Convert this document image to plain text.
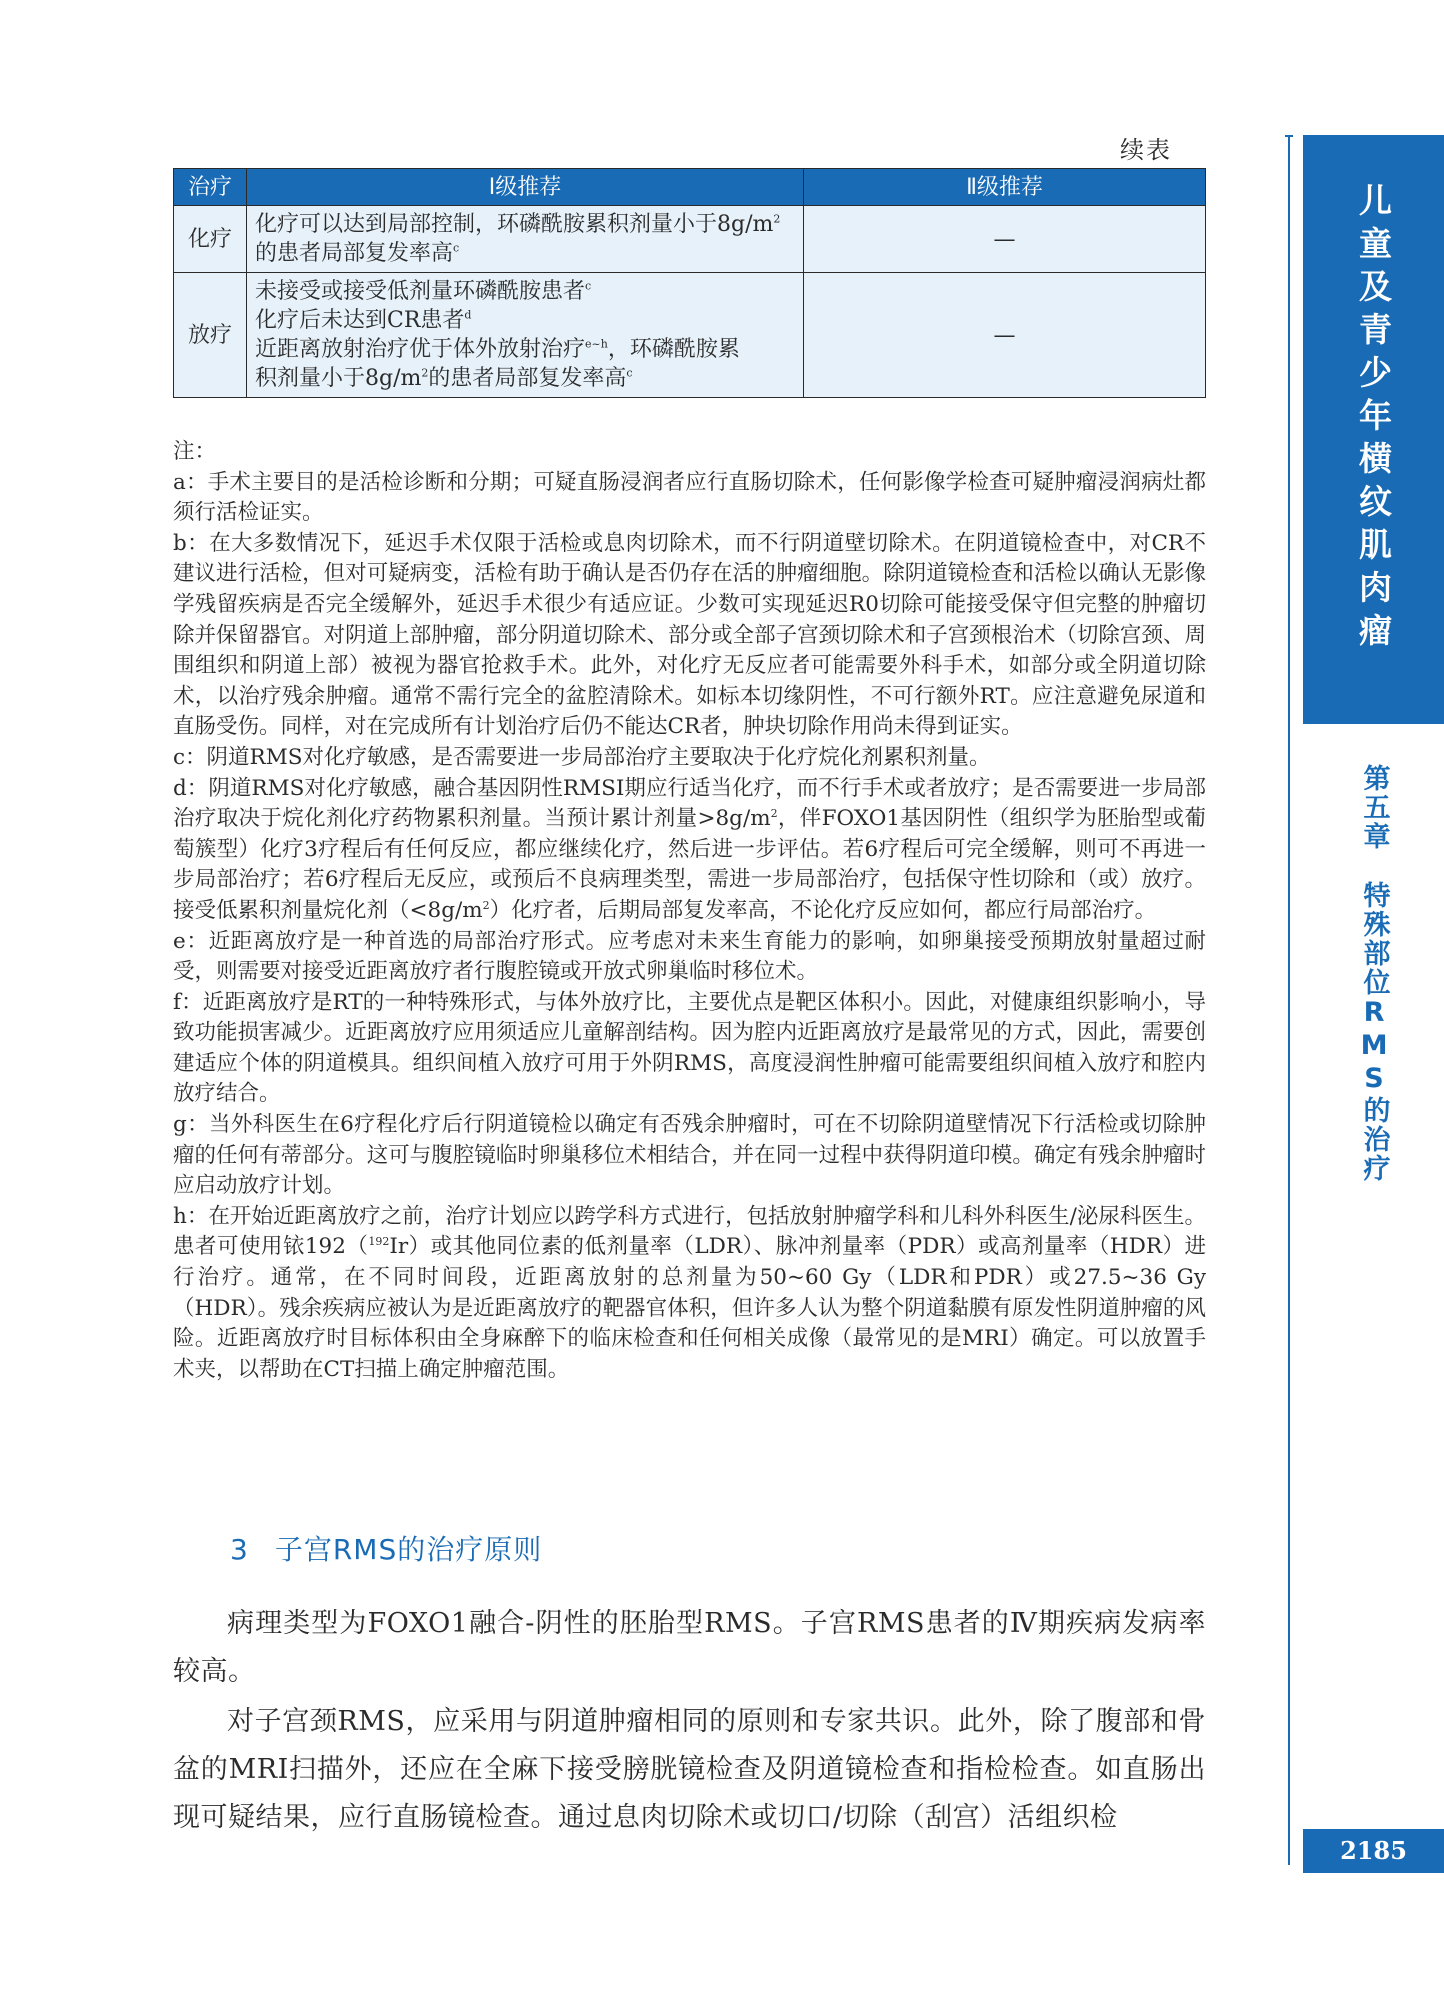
续表
治疗	Ⅰ级推荐	Ⅱ级推荐
化疗	化疗可以达到局部控制，环磷酰胺累积剂量小于$8g/m^2$
的患者局部复发率高$^c$	—
放疗	未接受或接受低剂量环磷酰胺患者$^c$
化疗后未达到CR患者$^d$
近距离放射治疗优于体外放射治疗$^{e\sim h}$，环磷酰胺累
积剂量小于$8g/m^2$的患者局部复发率高$^c$	—

注：

a：手术主要目的是活检诊断和分期；可疑直肠浸润者应行直肠切除术，任何影像学检查可疑肿瘤浸润病灶都须行活检证实。

b：在大多数情况下，延迟手术仅限于活检或息肉切除术，而不行阴道壁切除术。在阴道镜检查中，对CR不建议进行活检，但对可疑病变，活检有助于确认是否仍存在活的肿瘤细胞。除阴道镜检查和活检以确认无影像学残留疾病是否完全缓解外，延迟手术很少有适应证。少数可实现延迟R0切除可能接受保守但完整的肿瘤切除并保留器官。对阴道上部肿瘤，部分阴道切除术、部分或全部子宫颈切除术和子宫颈根治术（切除宫颈、周围组织和阴道上部）被视为器官抢救手术。此外，对化疗无反应者可能需要外科手术，如部分或全阴道切除术，以治疗残余肿瘤。通常不需行完全的盆腔清除术。如标本切缘阴性，不可行额外RT。应注意避免尿道和直肠受伤。同样，对在完成所有计划治疗后仍不能达CR者，肿块切除作用尚未得到证实。

c：阴道RMS对化疗敏感，是否需要进一步局部治疗主要取决于化疗烷化剂累积剂量。

d：阴道RMS对化疗敏感，融合基因阴性RMSⅠ期应行适当化疗，而不行手术或者放疗；是否需要进一步局部治疗取决于烷化剂化疗药物累积剂量。当预计累计剂量$>8g/m^2$，伴FOXO1基因阴性（组织学为胚胎型或葡萄簇型）化疗3疗程后有任何反应，都应继续化疗，然后进一步评估。若6疗程后可完全缓解，则可不再进一步局部治疗；若6疗程后无反应，或预后不良病理类型，需进一步局部治疗，包括保守性切除和（或）放疗。接受低累积剂量烷化剂$(<8g/m^2)$化疗者，后期局部复发率高，不论化疗反应如何，都应行局部治疗。

e：近距离放疗是一种首选的局部治疗形式。应考虑对未来生育能力的影响，如卵巢接受预期放射量超过耐受，则需要对接受近距离放疗者行腹腔镜或开放式卵巢临时移位术。

f：近距离放疗是RT的一种特殊形式，与体外放疗比，主要优点是靶区体积小。因此，对健康组织影响小，导致功能损害减少。近距离放疗应用须适应儿童解剖结构。因为腔内近距离放疗是最常见的方式，因此，需要创建适应个体的阴道模具。组织间植入放疗可用于外阴RMS，高度浸润性肿瘤可能需要组织间植入放疗和腔内放疗结合。

g：当外科医生在6疗程化疗后行阴道镜检以确定有否残余肿瘤时，可在不切除阴道壁情况下行活检或切除肿瘤的任何有蒂部分。这可与腹腔镜临时卵巢移位术相结合，并在同一过程中获得阴道印模。确定有残余肿瘤时应启动放疗计划。

h：在开始近距离放疗之前，治疗计划应以跨学科方式进行，包括放射肿瘤学科和儿科外科医生/泌尿科医生。患者可使用铱192（$^{192}$Ir）或其他同位素的低剂量率（LDR）、脉冲剂量率（PDR）或高剂量率（HDR）进行治疗。通常，在不同时间段，近距离放射的总剂量为50~60 Gy（LDR和PDR）或27.5~36 Gy（HDR）。残余疾病应被认为是近距离放疗的靶器官体积，但许多人认为整个阴道黏膜有原发性阴道肿瘤的风险。近距离放疗时目标体积由全身麻醉下的临床检查和任何相关成像（最常见的是MRI）确定。可以放置手术夹，以帮助在CT扫描上确定肿瘤范围。

3 子宫RMS的治疗原则

病理类型为FOXO1融合-阴性的胚胎型RMS。子宫RMS患者的Ⅳ期疾病发病率较高。

对子宫颈RMS，应采用与阴道肿瘤相同的原则和专家共识。此外，除了腹部和骨盆的MRI扫描外，还应在全麻下接受膀胱镜检查及阴道镜检查和指检检查。如直肠出现可疑结果，应行直肠镜检查。通过息肉切除术或切口/切除（刮宫）活组织检

儿童及青少年横纹肌肉瘤
第五章特殊部位RMS的治疗
2185
